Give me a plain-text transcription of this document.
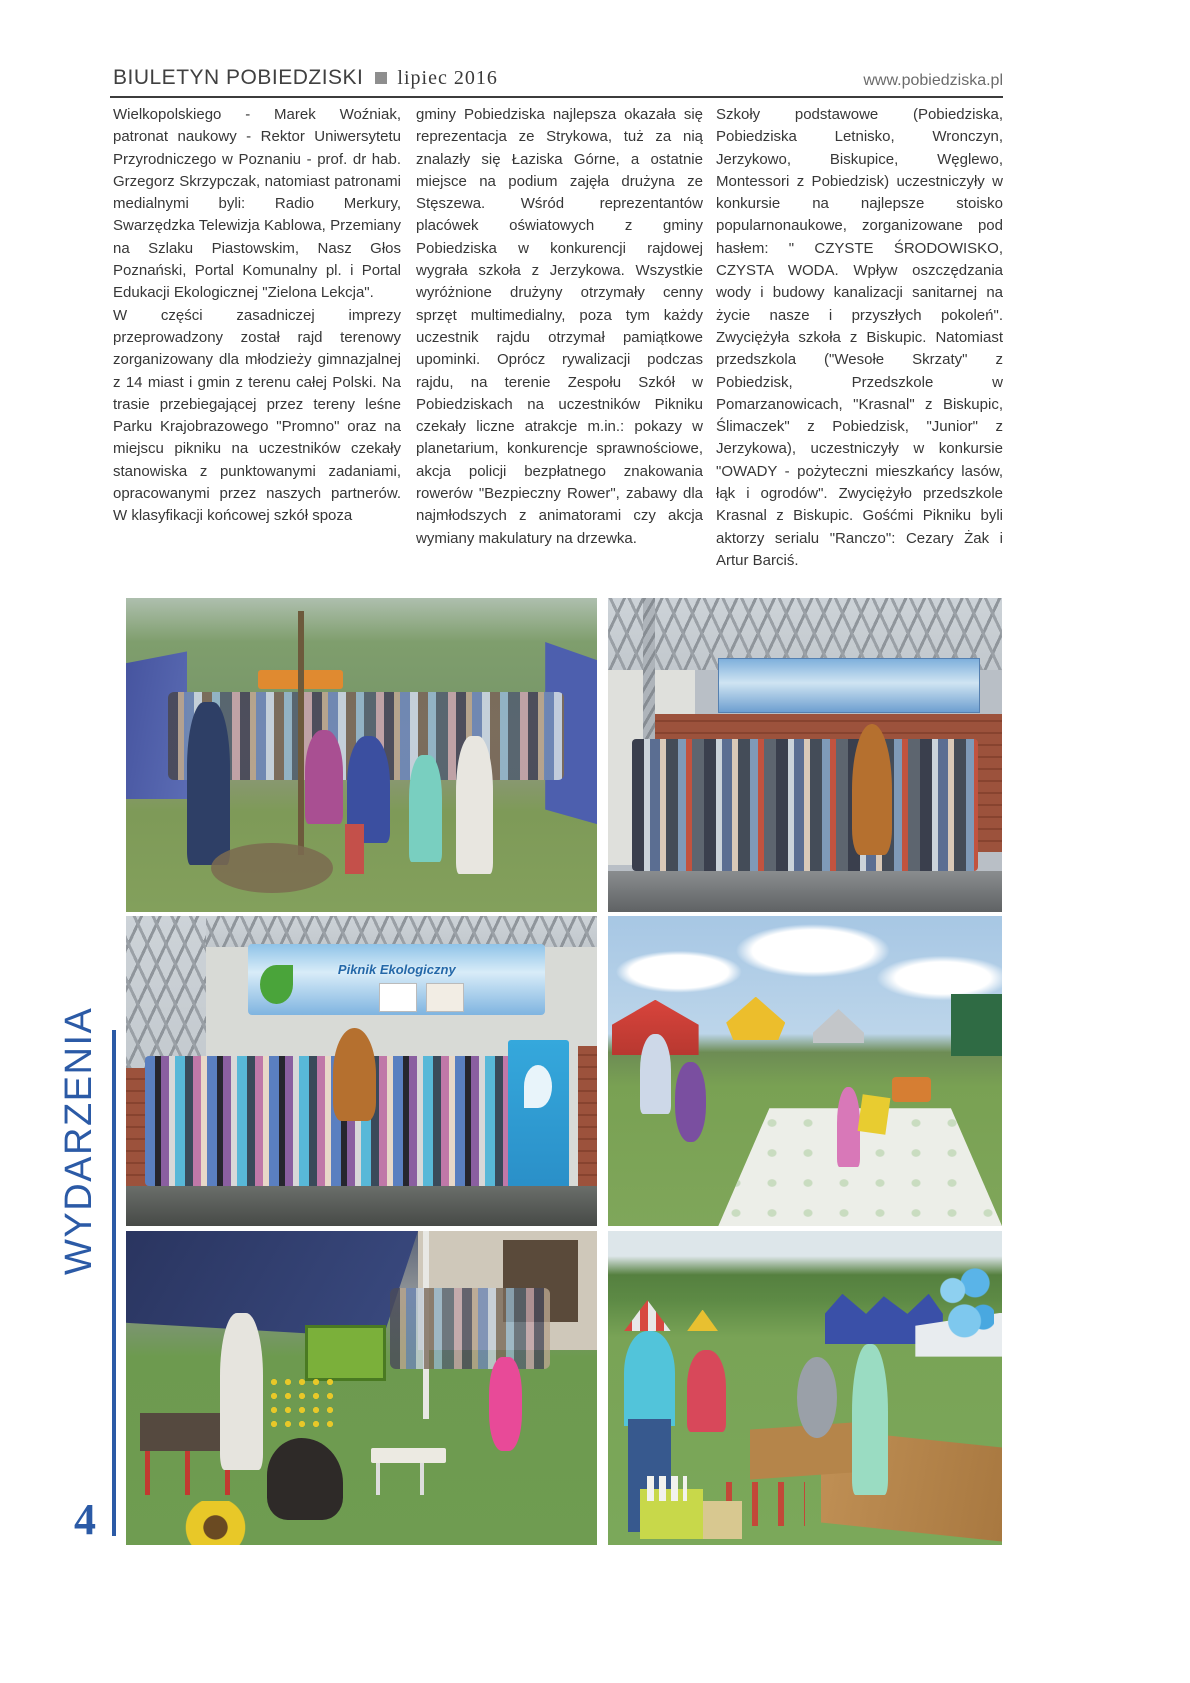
BIULETYN POBIEDZISKI lipiec 2016	www.pobiedziska.pl

Wielkopolskiego - Marek Woźniak, patronat naukowy - Rektor Uniwersytetu Przyrodniczego w Poznaniu - prof. dr hab. Grzegorz Skrzypczak, natomiast patronami medialnymi byli: Radio Merkury, Swarzędzka Telewizja Kablowa, Przemiany na Szlaku Piastowskim, Nasz Głos Poznański, Portal Komunalny pl. i Portal Edukacji Ekologicznej "Zielona Lekcja".

W części zasadniczej imprezy przeprowadzony został rajd terenowy zorganizowany dla młodzieży gimnazjalnej z 14 miast i gmin z terenu całej Polski. Na trasie przebiegającej przez tereny leśne Parku Krajobrazowego "Promno" oraz na miejscu pikniku na uczestników czekały stanowiska z punktowanymi zadaniami, opracowanymi przez naszych partnerów. W klasyfikacji końcowej szkół spoza

gminy Pobiedziska najlepsza okazała się reprezentacja ze Strykowa, tuż za nią znalazły się Łaziska Górne, a ostatnie miejsce na podium zajęła drużyna ze Stęszewa. Wśród reprezentantów placówek oświatowych z gminy Pobiedziska w konkurencji rajdowej wygrała szkoła z Jerzykowa. Wszystkie wyróżnione drużyny otrzymały cenny sprzęt multimedialny, poza tym każdy uczestnik rajdu otrzymał pamiątkowe upominki. Oprócz rywalizacji podczas rajdu, na terenie Zespołu Szkół w Pobiedziskach na uczestników Pikniku czekały liczne atrakcje m.in.: pokazy w planetarium, konkurencje sprawnościowe, akcja policji bezpłatnego znakowania rowerów "Bezpieczny Rower", zabawy dla najmłodszych z animatorami czy akcja wymiany makulatury na drzewka.

Szkoły podstawowe (Pobiedziska, Pobiedziska Letnisko, Wronczyn, Jerzykowo, Biskupice, Węglewo, Montessori z Pobiedzisk) uczestniczyły w konkursie na najlepsze stoisko popularnonaukowe, zorganizowane pod hasłem: " CZYSTE ŚRODOWISKO, CZYSTA WODA. Wpływ oszczędzania wody i budowy kanalizacji sanitarnej na życie nasze i przyszłych pokoleń". Zwyciężyła szkoła z Biskupic. Natomiast przedszkola ("Wesołe Skrzaty" z Pobiedzisk, Przedszkole w Pomarzanowicach, "Krasnal" z Biskupic, Ślimaczek" z Pobiedzisk, "Junior" z Jerzykowa), uczestniczyły w konkursie "OWADY - pożyteczni mieszkańcy lasów, łąk i ogrodów". Zwyciężyło przedszkole Krasnal z Biskupic. Gośćmi Pikniku byli aktorzy serialu "Ranczo": Cezary Żak i Artur Barciś.

WYDARZENIA
4
Piknik Ekologiczny
